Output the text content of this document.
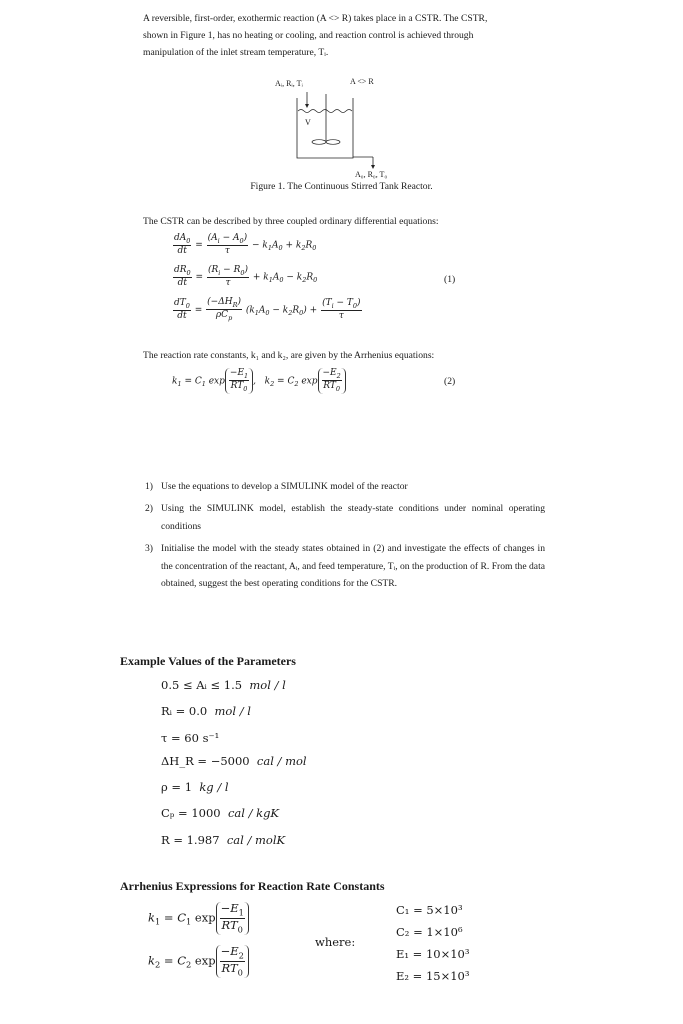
A reversible, first-order, exothermic reaction (A <> R) takes place in a CSTR. The CSTR,
shown in Figure 1, has no heating or cooling, and reaction control is achieved through
manipulation of the inlet stream temperature, Tᵢ.
Aᵢ, Rᵢ, Tᵢ	A <> R
V
A₀, R₀, T₀
Figure 1. The Continuous Stirred Tank Reactor.
The CSTR can be described by three coupled ordinary differential equations:
$\frac{dA_0}{dt} = \frac{(A_i - A_0)}{\tau} - k_1A_0 + k_2R_0$
$\frac{dR_0}{dt} = \frac{(R_i - R_0)}{\tau} + k_1A_0 - k_2R_0$
$\frac{dT_0}{dt} = \frac{(-\Delta H_R)}{\rho C_p} (k_1A_0 - k_2R_0) + \frac{(T_i - T_0)}{\tau}$
(1)
The reaction rate constants, k₁ and k₂, are given by the Arrhenius equations:
$k_1 = C_1$ $\exp \frac{-E_1}{RT_0}$ ,   $k_2 = C_2$ $\exp \frac{-E_2}{RT_0}$	(2)
1) Use the equations to develop a SIMULINK model of the reactor
2) Using the SIMULINK model, establish the steady-state conditions under nominal operating conditions
3) Initialise the model with the steady states obtained in (2) and investigate the effects of changes in the concentration of the reactant, Aᵢ, and feed temperature, Tᵢ, on the production of R. From the data obtained, suggest the best operating conditions for the CSTR.
Example Values of the Parameters
0.5 ≤ Aᵢ ≤ 1.5 mol / l
Rᵢ = 0.0 mol / l
τ = 60 s⁻¹
ΔH_R = −5000 cal / mol
ρ = 1 kg / l
Cₚ = 1000 cal / kgK
R = 1.987 cal / molK
Arrhenius Expressions for Reaction Rate Constants
$k_1 = C_1$ $\exp \frac{-E_1}{RT_0}$
$k_2 = C_2$ $\exp \frac{-E_2}{RT_0}$
where:
C₁ = 5×10³
C₂ = 1×10⁶
E₁ = 10×10³
E₂ = 15×10³
